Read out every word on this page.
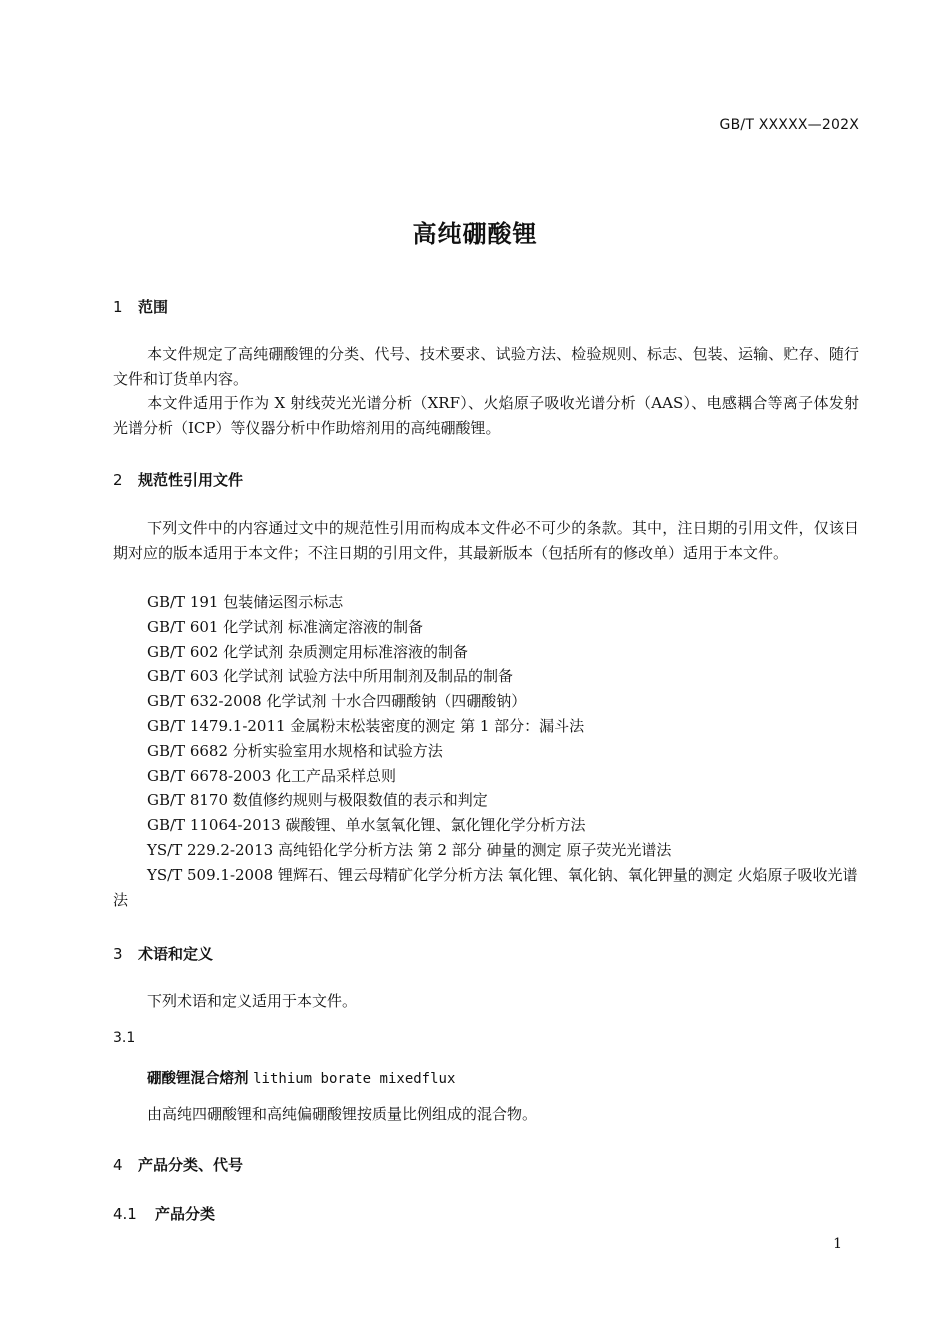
GB/T XXXXX—202X
高纯硼酸锂
1 范围
本文件规定了高纯硼酸锂的分类、代号、技术要求、试验方法、检验规则、标志、包装、运输、贮存、随行文件和订货单内容。
本文件适用于作为 X 射线荧光光谱分析（XRF）、火焰原子吸收光谱分析（AAS）、电感耦合等离子体发射光谱分析（ICP）等仪器分析中作助熔剂用的高纯硼酸锂。
2 规范性引用文件
下列文件中的内容通过文中的规范性引用而构成本文件必不可少的条款。其中，注日期的引用文件，仅该日期对应的版本适用于本文件；不注日期的引用文件，其最新版本（包括所有的修改单）适用于本文件。
GB/T 191 包装储运图示标志
GB/T 601 化学试剂 标准滴定溶液的制备
GB/T 602 化学试剂 杂质测定用标准溶液的制备
GB/T 603 化学试剂 试验方法中所用制剂及制品的制备
GB/T 632-2008 化学试剂 十水合四硼酸钠（四硼酸钠）
GB/T 1479.1-2011 金属粉末松装密度的测定 第 1 部分：漏斗法
GB/T 6682 分析实验室用水规格和试验方法
GB/T 6678-2003 化工产品采样总则
GB/T 8170 数值修约规则与极限数值的表示和判定
GB/T 11064-2013 碳酸锂、单水氢氧化锂、氯化锂化学分析方法
YS/T 229.2-2013 高纯铅化学分析方法 第 2 部分 砷量的测定 原子荧光光谱法
YS/T 509.1-2008 锂辉石、锂云母精矿化学分析方法 氧化锂、氧化钠、氧化钾量的测定 火焰原子吸收光谱法
3 术语和定义
下列术语和定义适用于本文件。
3.1
硼酸锂混合熔剂 lithium borate mixedflux
由高纯四硼酸锂和高纯偏硼酸锂按质量比例组成的混合物。
4 产品分类、代号
4.1 产品分类
1
